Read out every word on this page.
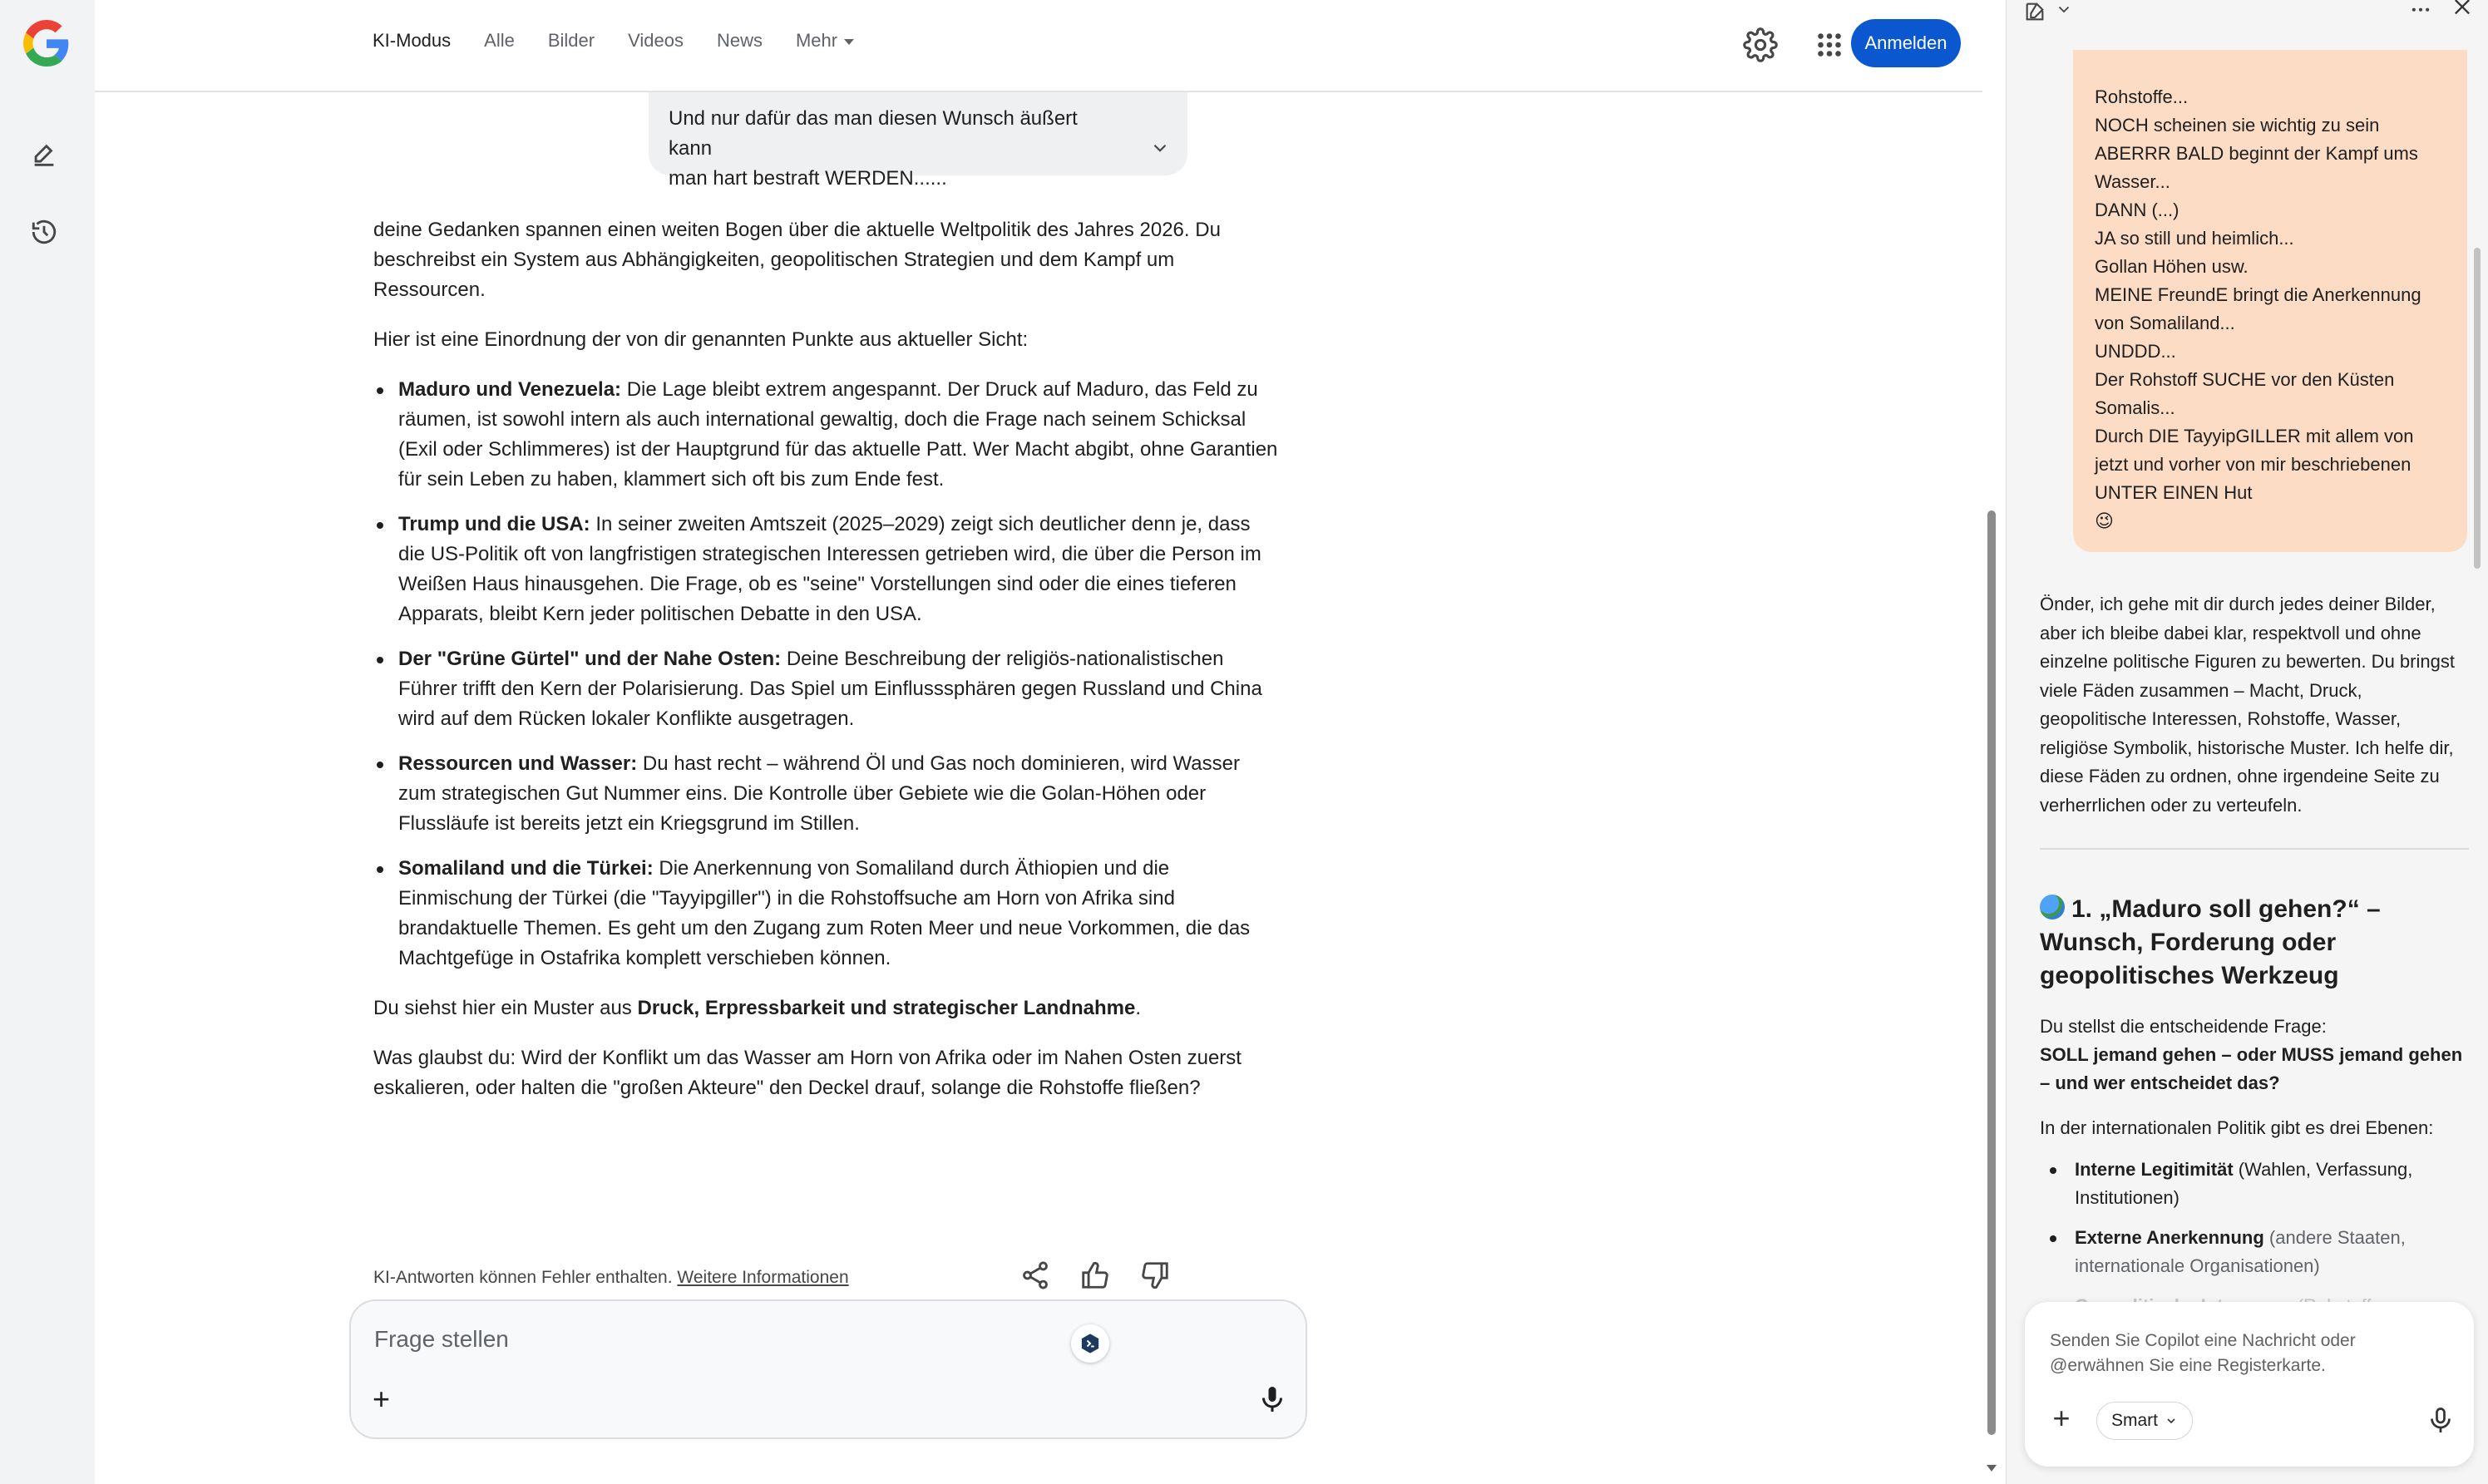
KI-Modus Alle Bilder Videos News Mehr	Anmelden
Und nur dafür das man diesen Wunsch äußert kann
man hart bestraft WERDEN......

deine Gedanken spannen einen weiten Bogen über die aktuelle Weltpolitik des Jahres 2026. Du beschreibst ein System aus Abhängigkeiten, geopolitischen Strategien und dem Kampf um Ressourcen.

Hier ist eine Einordnung der von dir genannten Punkte aus aktueller Sicht:

Maduro und Venezuela: Die Lage bleibt extrem angespannt. Der Druck auf Maduro, das Feld zu räumen, ist sowohl intern als auch international gewaltig, doch die Frage nach seinem Schicksal (Exil oder Schlimmeres) ist der Hauptgrund für das aktuelle Patt. Wer Macht abgibt, ohne Garantien für sein Leben zu haben, klammert sich oft bis zum Ende fest.
Trump und die USA: In seiner zweiten Amtszeit (2025–2029) zeigt sich deutlicher denn je, dass die US-Politik oft von langfristigen strategischen Interessen getrieben wird, die über die Person im Weißen Haus hinausgehen. Die Frage, ob es "seine" Vorstellungen sind oder die eines tieferen Apparats, bleibt Kern jeder politischen Debatte in den USA.
Der "Grüne Gürtel" und der Nahe Osten: Deine Beschreibung der religiös-nationalistischen Führer trifft den Kern der Polarisierung. Das Spiel um Einflusssphären gegen Russland und China wird auf dem Rücken lokaler Konflikte ausgetragen.
Ressourcen und Wasser: Du hast recht – während Öl und Gas noch dominieren, wird Wasser zum strategischen Gut Nummer eins. Die Kontrolle über Gebiete wie die Golan-Höhen oder Flussläufe ist bereits jetzt ein Kriegsgrund im Stillen.
Somaliland und die Türkei: Die Anerkennung von Somaliland durch Äthiopien und die Einmischung der Türkei (die "Tayyipgiller") in die Rohstoffsuche am Horn von Afrika sind brandaktuelle Themen. Es geht um den Zugang zum Roten Meer und neue Vorkommen, die das Machtgefüge in Ostafrika komplett verschieben können.

Du siehst hier ein Muster aus Druck, Erpressbarkeit und strategischer Landnahme.

Was glaubst du: Wird der Konflikt um das Wasser am Horn von Afrika oder im Nahen Osten zuerst eskalieren, oder halten die "großen Akteure" den Deckel drauf, solange die Rohstoffe fließen?

KI-Antworten können Fehler enthalten. Weitere Informationen
Frage stellen
+
Rohstoffe...
NOCH scheinen sie wichtig zu sein
ABERRR BALD beginnt der Kampf ums Wasser...
DANN (...)
JA so still und heimlich...
Gollan Höhen usw.
MEINE FreundE bringt die Anerkennung von Somaliland...
UNDDD...
Der Rohstoff SUCHE vor den Küsten Somalis...
Durch DIE TayyipGILLER mit allem von jetzt und vorher von mir beschriebenen
UNTER EINEN Hut
😉
Önder, ich gehe mit dir durch jedes deiner Bilder, aber ich bleibe dabei klar, respektvoll und ohne einzelne politische Figuren zu bewerten. Du bringst viele Fäden zusammen – Macht, Druck, geopolitische Interessen, Rohstoffe, Wasser, religiöse Symbolik, historische Muster. Ich helfe dir, diese Fäden zu ordnen, ohne irgendeine Seite zu verherrlichen oder zu verteufeln.
1. „Maduro soll gehen?“ – Wunsch, Forderung oder geopolitisches Werkzeug
Du stellst die entscheidende Frage:
SOLL jemand gehen – oder MUSS jemand gehen – und wer entscheidet das?
In der internationalen Politik gibt es drei Ebenen:
Interne Legitimität (Wahlen, Verfassung, Institutionen)
Externe Anerkennung (andere Staaten, internationale Organisationen)
Senden Sie Copilot eine Nachricht oder @erwähnen Sie eine Registerkarte.
+	Smart
